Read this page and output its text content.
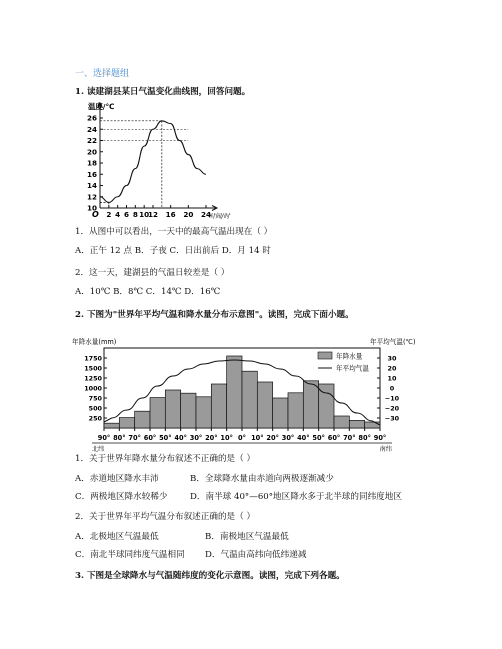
一、选择题组
1. 读建湖县某日气温变化曲线图，回答问题。
10
12
14
16
18
20
22
24
26
2 4 6 8 10
12 16 20 24
温度/℃
时间/时
O
1．从图中可以看出，一天中的最高气温出现在（ ）
A．正午 12 点 B．子夜 C．日出前后 D．月 14 时
2．这一天，建湖县的气温日较差是（ ）
A．10℃ B．8℃ C．14℃ D．16℃
2. 下图为"世界年平均气温和降水量分布示意图"。读图，完成下面小题。
年降水量(mm)	年平均气温(℃)
250
500
750
1000
1250
1500
1750	30
20
10
0
−10
−20
−30
90° 80° 70° 60° 50° 40° 30° 20° 10° 0° 10° 20° 30° 40° 50° 60° 70° 80° 90°
北纬	南纬
年降水量
年平均气温
1．关于世界年降水量分布叙述不正确的是（ ）
A．赤道地区降水丰沛	B．全球降水量由赤道向两极逐渐减少
C．两极地区降水较稀少	D．南半球 40°—60°地区降水多于北半球的同纬度地区
2．关于世界年平均气温分布叙述正确的是（ ）
A．北极地区气温最低	B．南极地区气温最低
C．南北半球同纬度气温相同 D．气温由高纬向低纬递减
3. 下图是全球降水与气温随纬度的变化示意图。读图，完成下列各题。
